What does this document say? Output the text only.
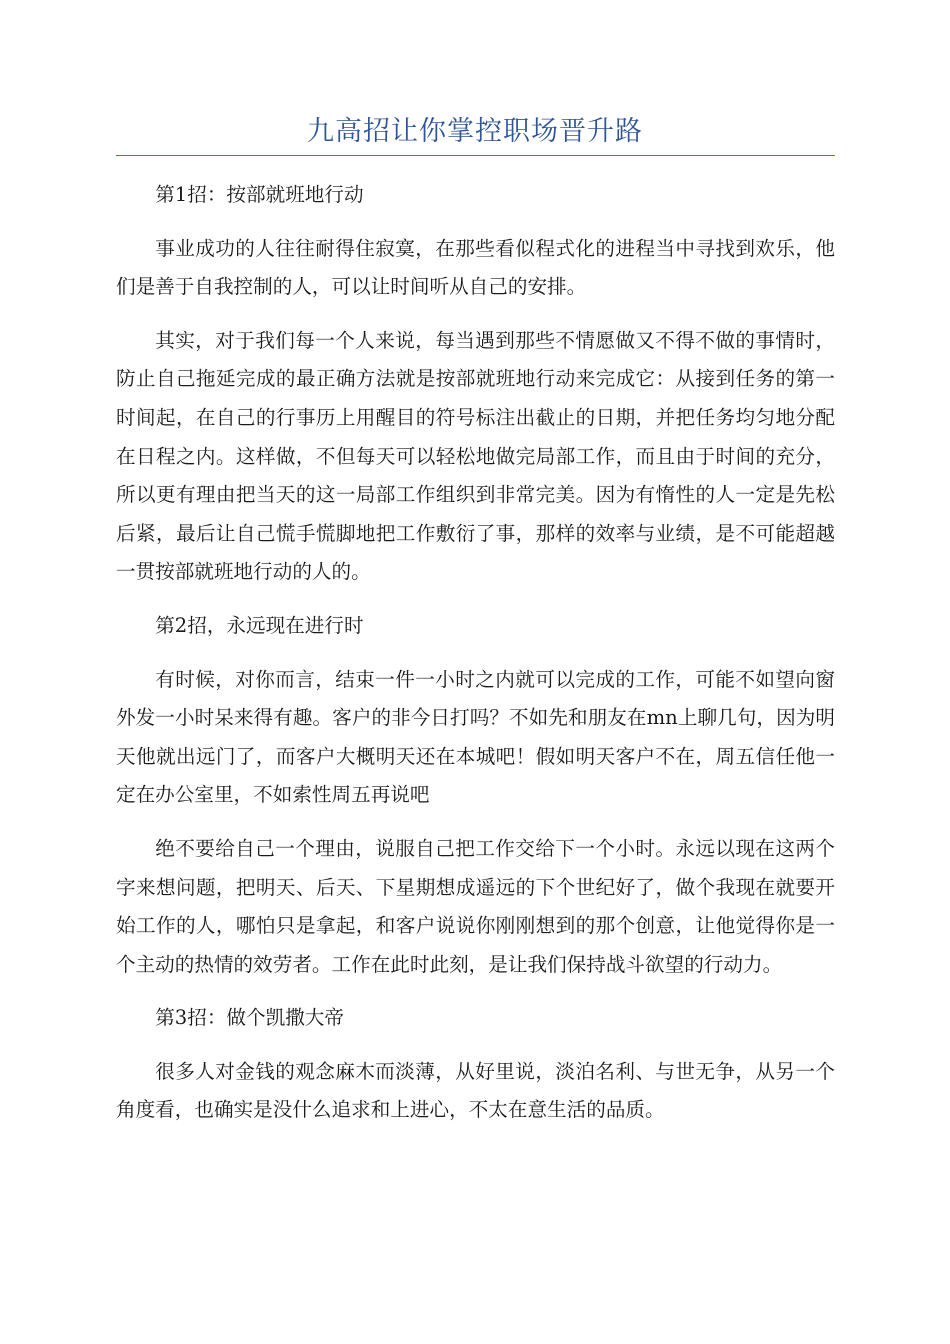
九高招让你掌控职场晋升路

第1招：按部就班地行动

事业成功的人往往耐得住寂寞，在那些看似程式化的进程当中寻找到欢乐，他们是善于自我控制的人，可以让时间听从自己的安排。

其实，对于我们每一个人来说，每当遇到那些不情愿做又不得不做的事情时，防止自己拖延完成的最正确方法就是按部就班地行动来完成它：从接到任务的第一时间起，在自己的行事历上用醒目的符号标注出截止的日期，并把任务均匀地分配在日程之内。这样做，不但每天可以轻松地做完局部工作，而且由于时间的充分，所以更有理由把当天的这一局部工作组织到非常完美。因为有惰性的人一定是先松后紧，最后让自己慌手慌脚地把工作敷衍了事，那样的效率与业绩，是不可能超越一贯按部就班地行动的人的。

第2招，永远现在进行时

有时候，对你而言，结束一件一小时之内就可以完成的工作，可能不如望向窗外发一小时呆来得有趣。客户的非今日打吗？不如先和朋友在mn上聊几句，因为明天他就出远门了，而客户大概明天还在本城吧！假如明天客户不在，周五信任他一定在办公室里，不如索性周五再说吧

绝不要给自己一个理由，说服自己把工作交给下一个小时。永远以现在这两个字来想问题，把明天、后天、下星期想成遥远的下个世纪好了，做个我现在就要开始工作的人，哪怕只是拿起，和客户说说你刚刚想到的那个创意，让他觉得你是一个主动的热情的效劳者。工作在此时此刻，是让我们保持战斗欲望的行动力。

第3招：做个凯撒大帝

很多人对金钱的观念麻木而淡薄，从好里说，淡泊名利、与世无争，从另一个角度看，也确实是没什么追求和上进心，不太在意生活的品质。
